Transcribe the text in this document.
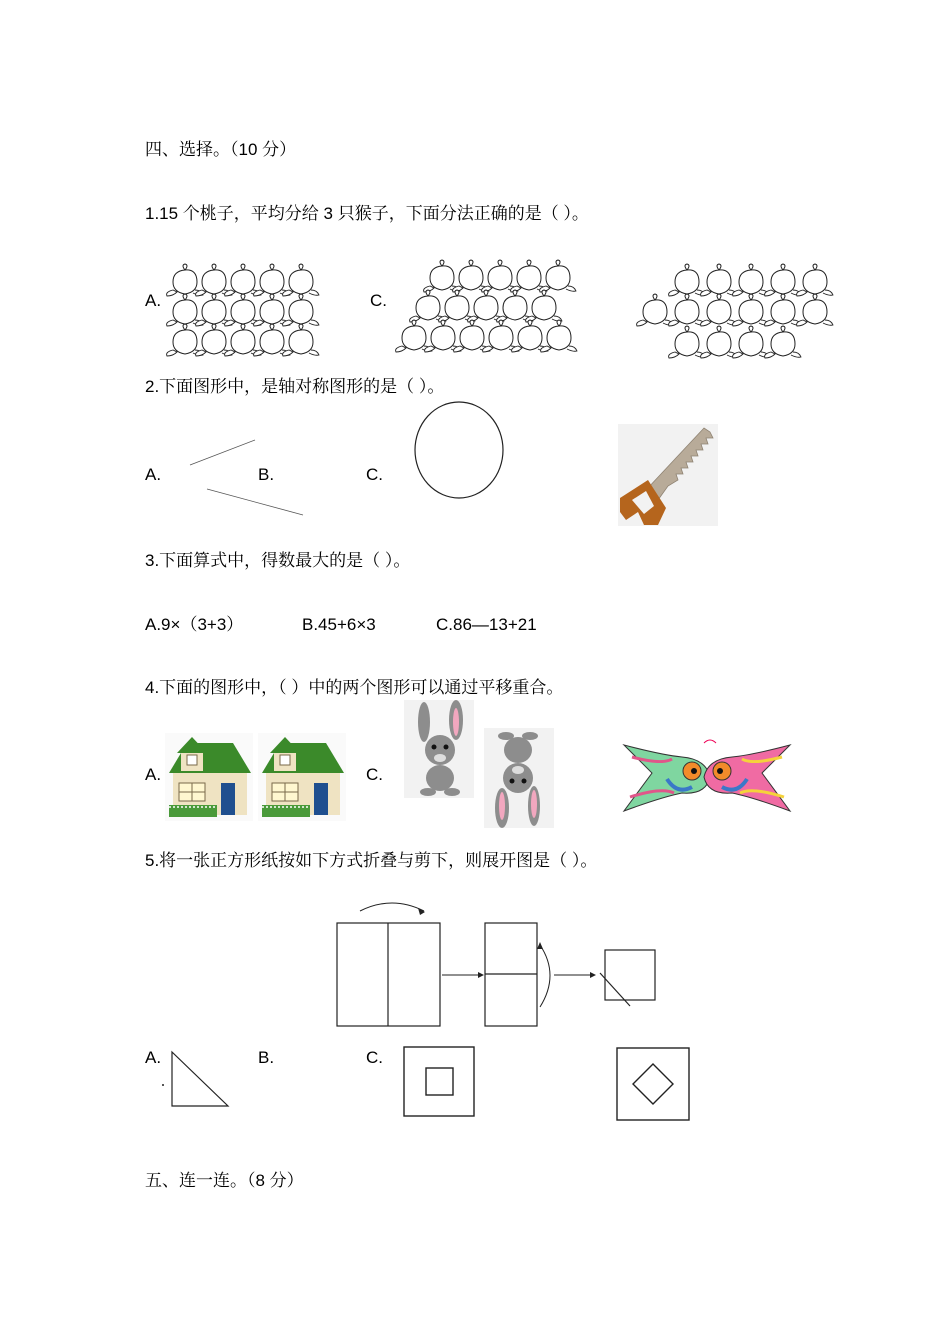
四、选择。（10 分）
1.15 个桃子，平均分给 3 只猴子，下面分法正确的是（ ）。
A.	C.
2.下面图形中，是轴对称图形的是（ ）。
A.	B.	C.
3.下面算式中，得数最大的是（ ）。
A.9×（3+3）	B.45+6×3	C.86—13+21
4.下面的图形中，（ ）中的两个图形可以通过平移重合。
A.	C.
5.将一张正方形纸按如下方式折叠与剪下，则展开图是（ ）。
A.	B.	C.
五、连一连。（8 分）
